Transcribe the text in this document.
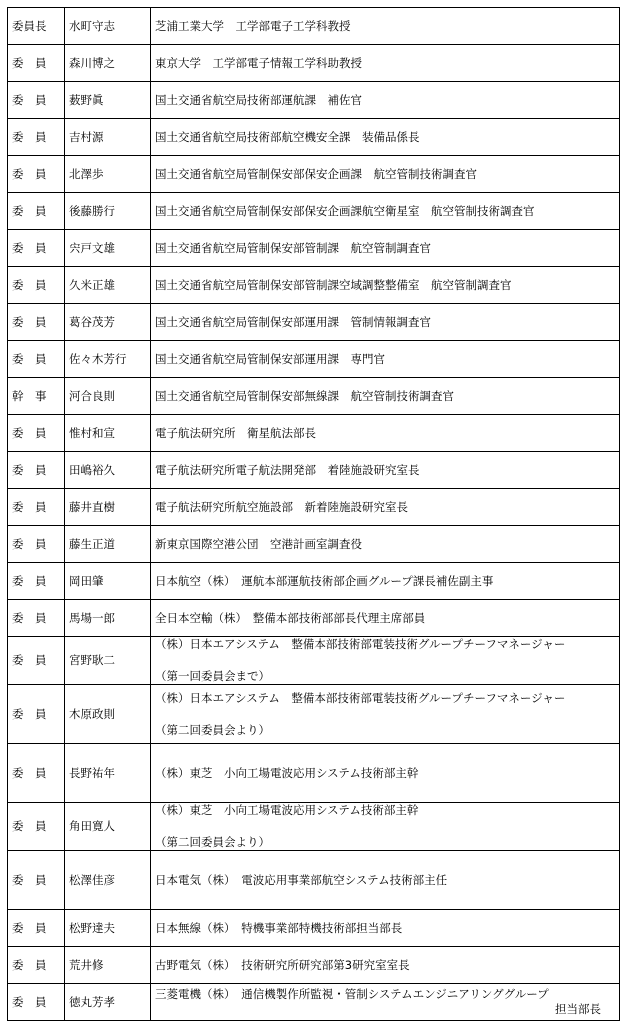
委員長	水町守志	芝浦工業大学　工学部電子工学科教授
委　員	森川博之	東京大学　工学部電子情報工学科助教授
委　員	薮野眞	国土交通省航空局技術部運航課　補佐官
委　員	吉村源	国土交通省航空局技術部航空機安全課　装備品係長
委　員	北澤歩	国土交通省航空局管制保安部保安企画課　航空管制技術調査官
委　員	後藤勝行	国土交通省航空局管制保安部保安企画課航空衛星室　航空管制技術調査官
委　員	宍戸文雄	国土交通省航空局管制保安部管制課　航空管制調査官
委　員	久米正雄	国土交通省航空局管制保安部管制課空域調整整備室　航空管制調査官
委　員	葛谷茂芳	国土交通省航空局管制保安部運用課　管制情報調査官
委　員	佐々木芳行	国土交通省航空局管制保安部運用課　専門官
幹　事	河合良則	国土交通省航空局管制保安部無線課　航空管制技術調査官
委　員	惟村和宣	電子航法研究所　衛星航法部長
委　員	田嶋裕久	電子航法研究所電子航法開発部　着陸施設研究室長
委　員	藤井直樹	電子航法研究所航空施設部　新着陸施設研究室長
委　員	藤生正道	新東京国際空港公団　空港計画室調査役
委　員	岡田肇	日本航空（株）　運航本部運航技術部企画グループ課長補佐副主事
委　員	馬場一郎	全日本空輸（株）　整備本部技術部部長代理主席部員
委　員	宮野耿二	（株）日本エアシステム　整備本部技術部電装技術グループチーフマネージャー
（第一回委員会まで）

委　員	木原政則	（株）日本エアシステム　整備本部技術部電装技術グループチーフマネージャー
（第二回委員会より）

委　員	長野祐年	（株）東芝　小向工場電波応用システム技術部主幹
委　員	角田寛人	（株）東芝　小向工場電波応用システム技術部主幹
（第二回委員会より）

委　員	松澤佳彦	日本電気（株）　電波応用事業部航空システム技術部主任
委　員	松野達夫	日本無線（株）　特機事業部特機技術部担当部長
委　員	荒井修	古野電気（株）　技術研究所研究部第3研究室室長
委　員	徳丸芳孝	三菱電機（株）　通信機製作所監視・管制システムエンジニアリンググループ
担当部長
